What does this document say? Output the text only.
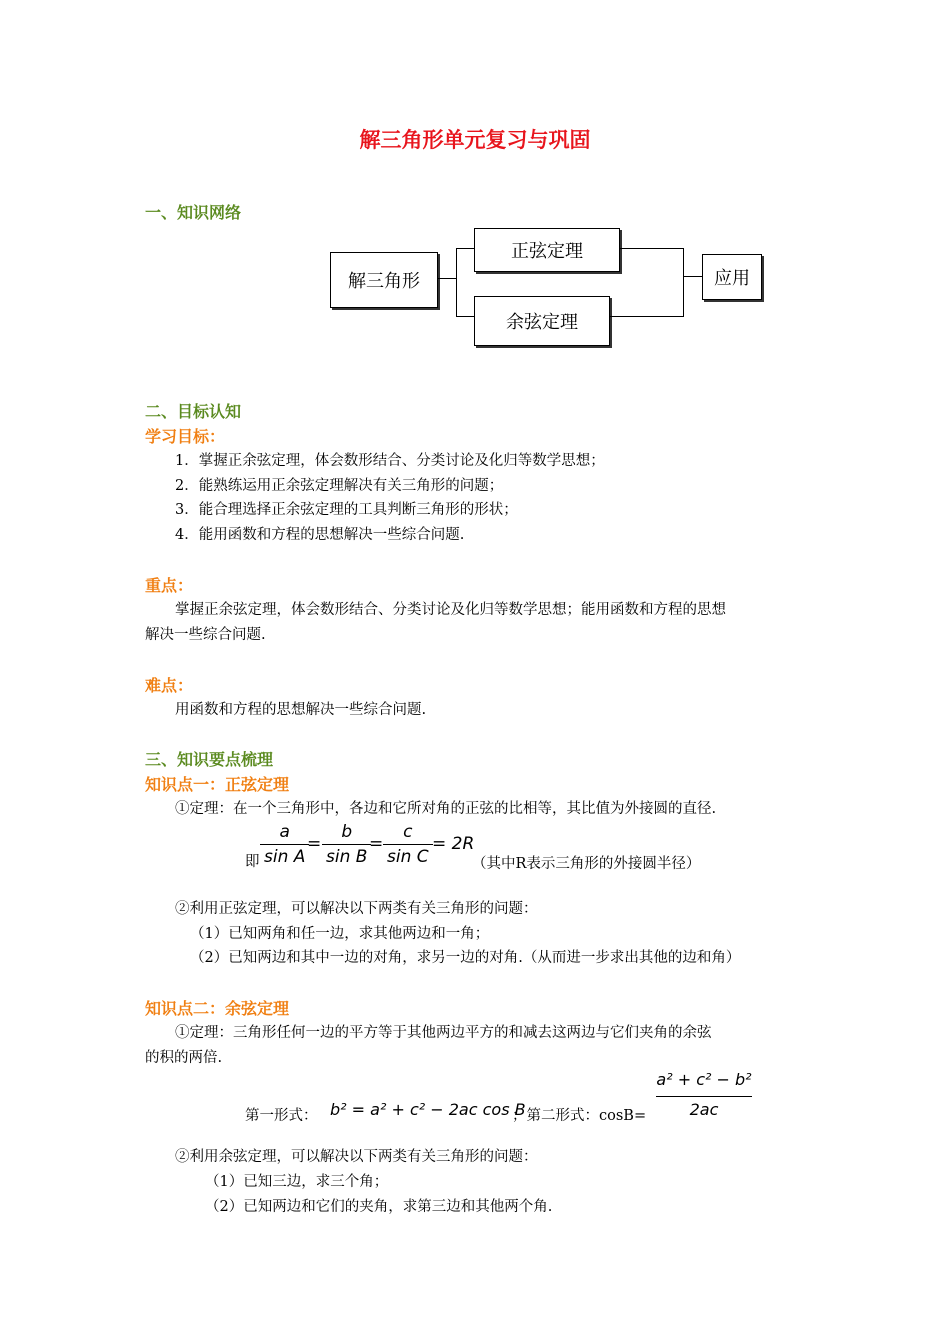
解三角形单元复习与巩固
一、知识网络
解三角形
正弦定理
余弦定理
应用
二、目标认知
学习目标：
1．掌握正余弦定理，体会数形结合、分类讨论及化归等数学思想；
2．能熟练运用正余弦定理解决有关三角形的问题；
3．能合理选择正余弦定理的工具判断三角形的形状；
4．能用函数和方程的思想解决一些综合问题.
重点：
掌握正余弦定理，体会数形结合、分类讨论及化归等数学思想；能用函数和方程的思想
解决一些综合问题.
难点：
用函数和方程的思想解决一些综合问题.
三、知识要点梳理
知识点一：正弦定理
①定理：在一个三角形中，各边和它所对角的正弦的比相等，其比值为外接圆的直径.
即 $\frac{a}{\text{sin A}}$
= $\frac{b}{\text{sin B}}$
= $\frac{c}{\text{sin C}} = 2R$
（其中R表示三角形的外接圆半径）
②利用正弦定理，可以解决以下两类有关三角形的问题：
（1）已知两角和任一边，求其他两边和一角；
（2）已知两边和其中一边的对角，求另一边的对角.（从而进一步求出其他的边和角）
知识点二：余弦定理
①定理：三角形任何一边的平方等于其他两边平方的和减去这两边与它们夹角的余弦
的积的两倍.
第一形式： b² = a² + c² − 2ac cos B
；第二形式：cosB=
a² + c² − b²
2ac
②利用余弦定理，可以解决以下两类有关三角形的问题：
（1）已知三边，求三个角；
（2）已知两边和它们的夹角，求第三边和其他两个角.
